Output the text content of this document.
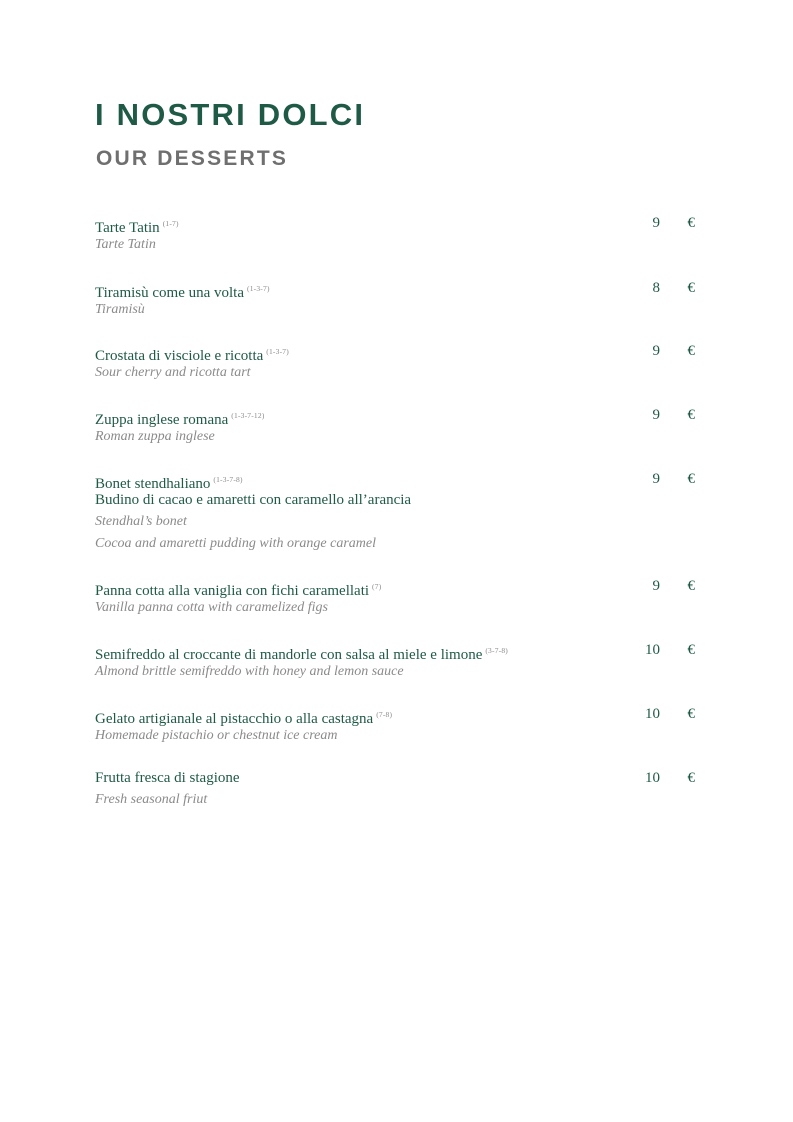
I NOSTRI DOLCI
OUR DESSERTS
Tarte Tatin $^{(1-7)}$
Tarte Tatin
9 €
Tiramisù come una volta $^{(1-3-7)}$
Tiramisù
8 €
Crostata di visciole e ricotta $^{(1-3-7)}$
Sour cherry and ricotta tart
9 €
Zuppa inglese romana $^{(1-3-7-12)}$
Roman zuppa inglese
9 €
Bonet stendhaliano $^{(1-3-7-8)}$
Budino di cacao e amaretti con caramello all’arancia
Stendhal’s bonet
Cocoa and amaretti pudding with orange caramel
9 €
Panna cotta alla vaniglia con fichi caramellati $^{(7)}$
Vanilla panna cotta with caramelized figs
9 €
Semifreddo al croccante di mandorle con salsa al miele e limone $^{(3-7-8)}$
Almond brittle semifreddo with honey and lemon sauce
10 €
Gelato artigianale al pistacchio o alla castagna $^{(7-8)}$
Homemade pistachio or chestnut ice cream
10 €
Frutta fresca di stagione
Fresh seasonal friut
10 €
